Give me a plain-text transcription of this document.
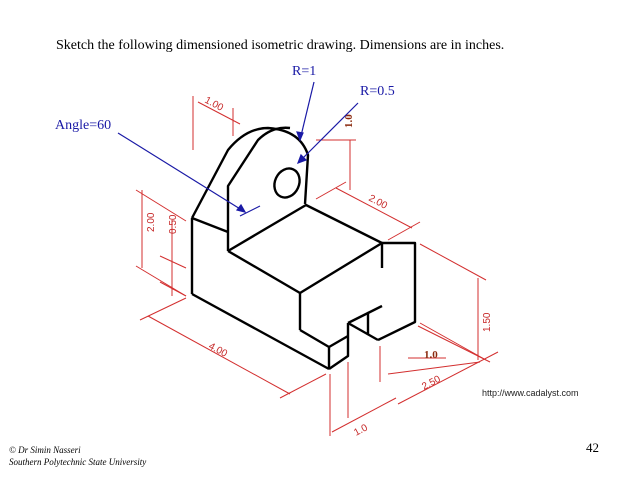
Sketch the following dimensioned isometric drawing. Dimensions are in inches.
1.00
2.00 0.50
4.00
2.00
1.50
2.50
1.0
1.0
1.0
R=1
R=0.5
Angle=60
http://www.cadalyst.com
42
© Dr Simin Nasseri
Southern Polytechnic State University
